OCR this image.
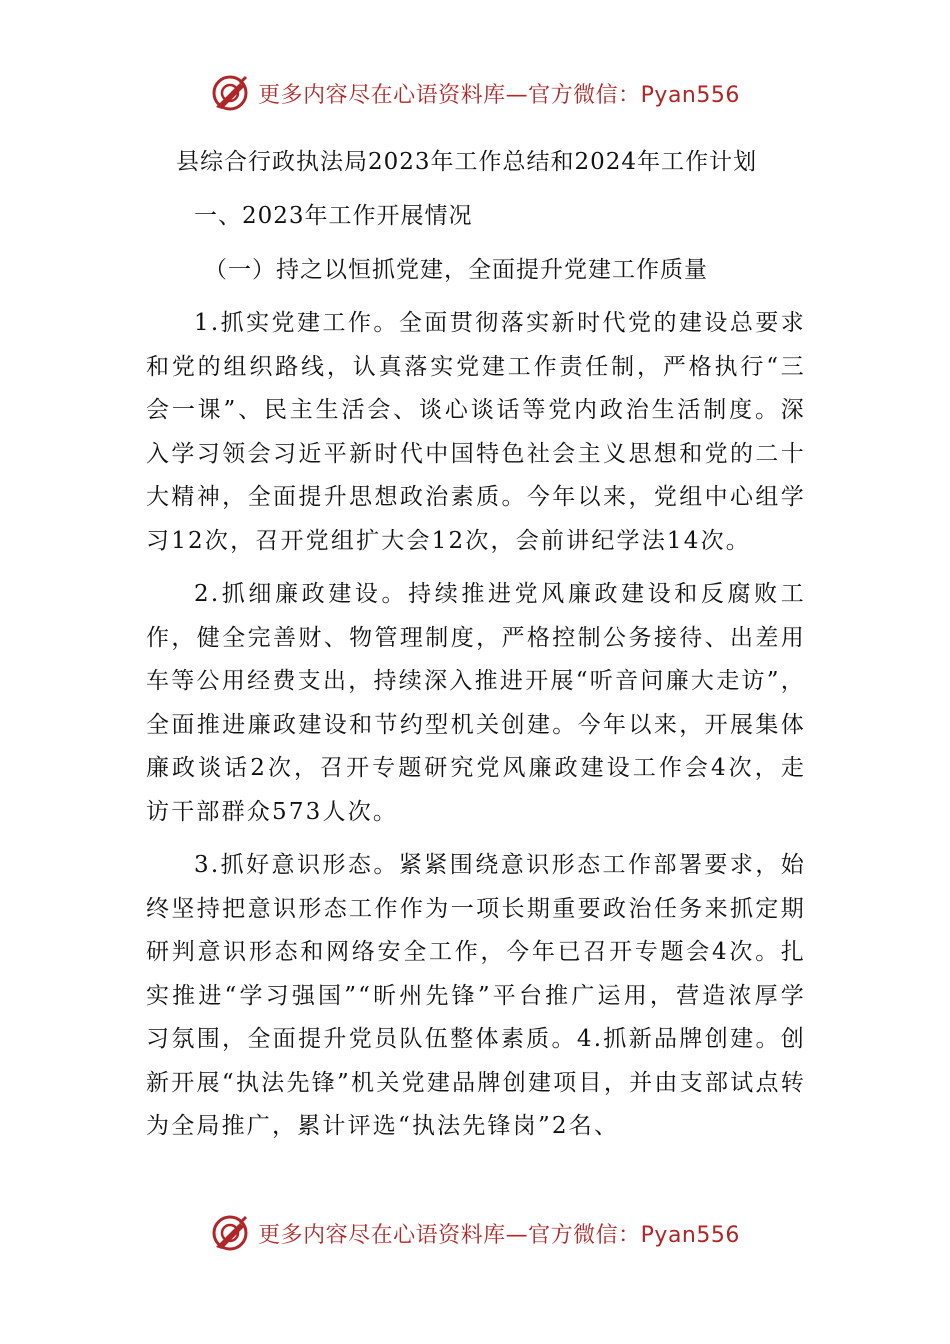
更多内容尽在心语资料库—官方微信：Pyan556
县综合行政执法局2023年工作总结和2024年工作计划
一、2023年工作开展情况
（一）持之以恒抓党建，全面提升党建工作质量

1.抓实党建工作。全面贯彻落实新时代党的建设总要求和党的组织路线，认真落实党建工作责任制，严格执行“三会一课”、民主生活会、谈心谈话等党内政治生活制度。深入学习领会习近平新时代中国特色社会主义思想和党的二十大精神，全面提升思想政治素质。今年以来，党组中心组学习12次，召开党组扩大会12次，会前讲纪学法14次。

2.抓细廉政建设。持续推进党风廉政建设和反腐败工作，健全完善财、物管理制度，严格控制公务接待、出差用车等公用经费支出，持续深入推进开展“听音问廉大走访”，全面推进廉政建设和节约型机关创建。今年以来，开展集体廉政谈话2次，召开专题研究党风廉政建设工作会4次，走访干部群众573人次。

3.抓好意识形态。紧紧围绕意识形态工作部署要求，始终坚持把意识形态工作作为一项长期重要政治任务来抓定期研判意识形态和网络安全工作，今年已召开专题会4次。扎实推进“学习强国”“昕州先锋”平台推广运用，营造浓厚学习氛围，全面提升党员队伍整体素质。4.抓新品牌创建。创新开展“执法先锋”机关党建品牌创建项目，并由支部试点转为全局推广，累计评选“执法先锋岗”2名、

更多内容尽在心语资料库—官方微信：Pyan556
